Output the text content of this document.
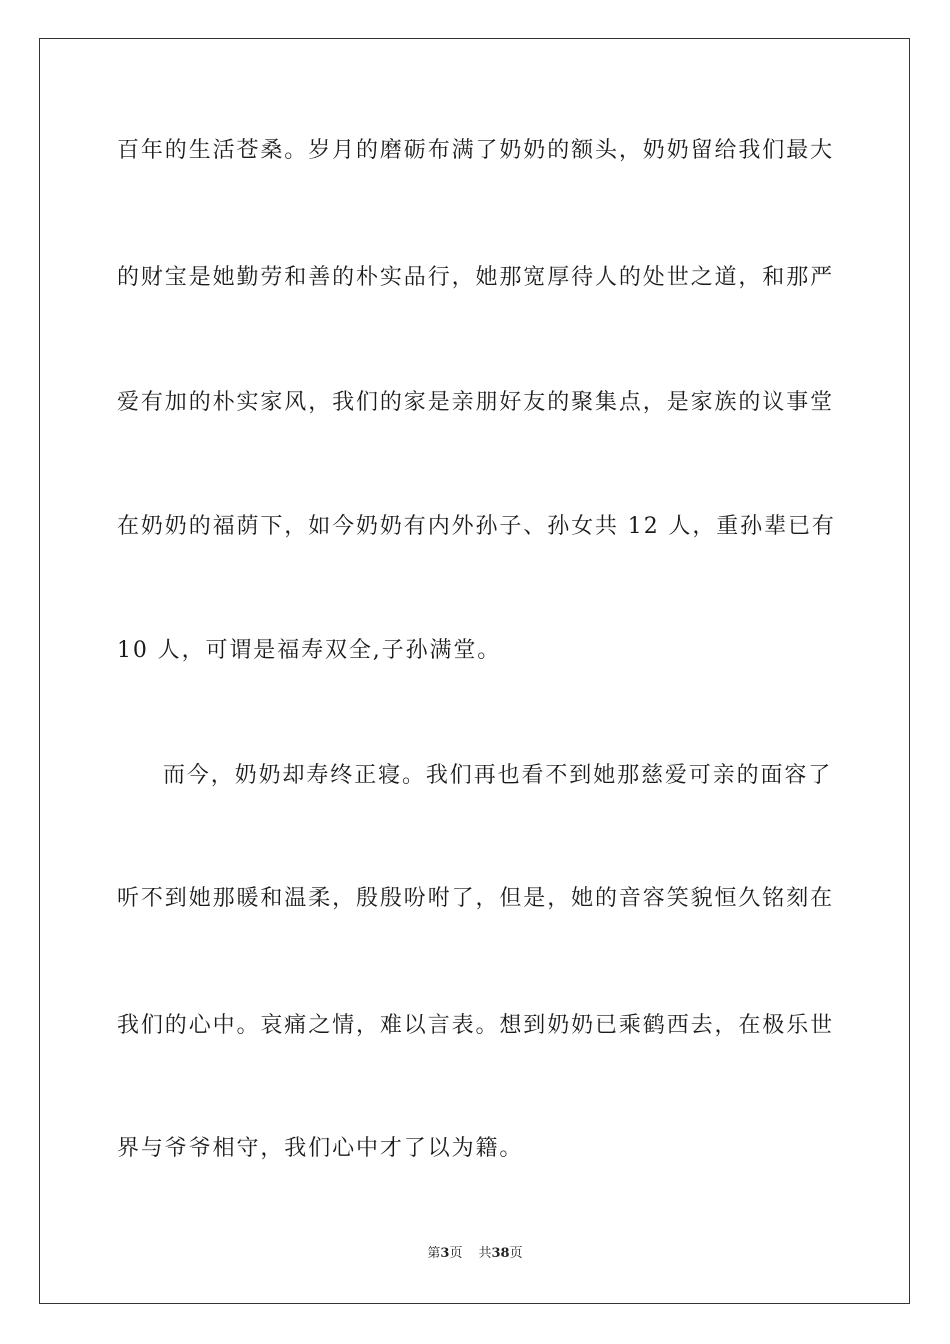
百年的生活苍桑。岁月的磨砺布满了奶奶的额头，奶奶留给我们最大
的财宝是她勤劳和善的朴实品行，她那宽厚待人的处世之道，和那严
爱有加的朴实家风，我们的家是亲朋好友的聚集点，是家族的议事堂
在奶奶的福荫下，如今奶奶有内外孙子、孙女共 12 人，重孙辈已有
10 人，可谓是福寿双全,子孙满堂。
而今，奶奶却寿终正寝。我们再也看不到她那慈爱可亲的面容了
听不到她那暖和温柔，殷殷吩咐了，但是，她的音容笑貌恒久铭刻在
我们的心中。哀痛之情，难以言表。想到奶奶已乘鹤西去，在极乐世
界与爷爷相守，我们心中才了以为籍。
第3页 共38页
